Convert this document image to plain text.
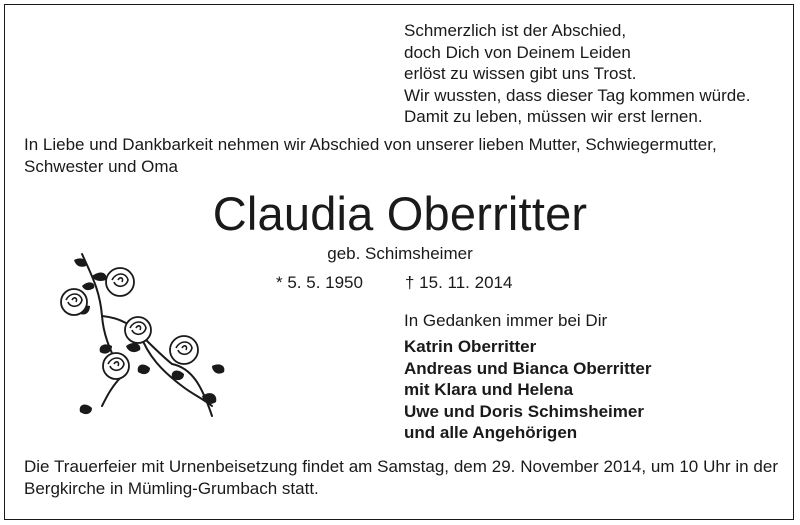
Schmerzlich ist der Abschied,
doch Dich von Deinem Leiden
erlöst zu wissen gibt uns Trost.
Wir wussten, dass dieser Tag kommen würde.
Damit zu leben, müssen wir erst lernen.
In Liebe und Dankbarkeit nehmen wir Abschied von unserer lieben Mutter, Schwiegermutter, Schwester und Oma
Claudia Oberritter
geb. Schimsheimer
* 5. 5. 1950 † 15. 11. 2014
In Gedanken immer bei Dir
Katrin Oberritter
Andreas und Bianca Oberritter
mit Klara und Helena
Uwe und Doris Schimsheimer
und alle Angehörigen
Die Trauerfeier mit Urnenbeisetzung findet am Samstag, dem 29. November 2014, um 10 Uhr in der Bergkirche in Mümling-Grumbach statt.
